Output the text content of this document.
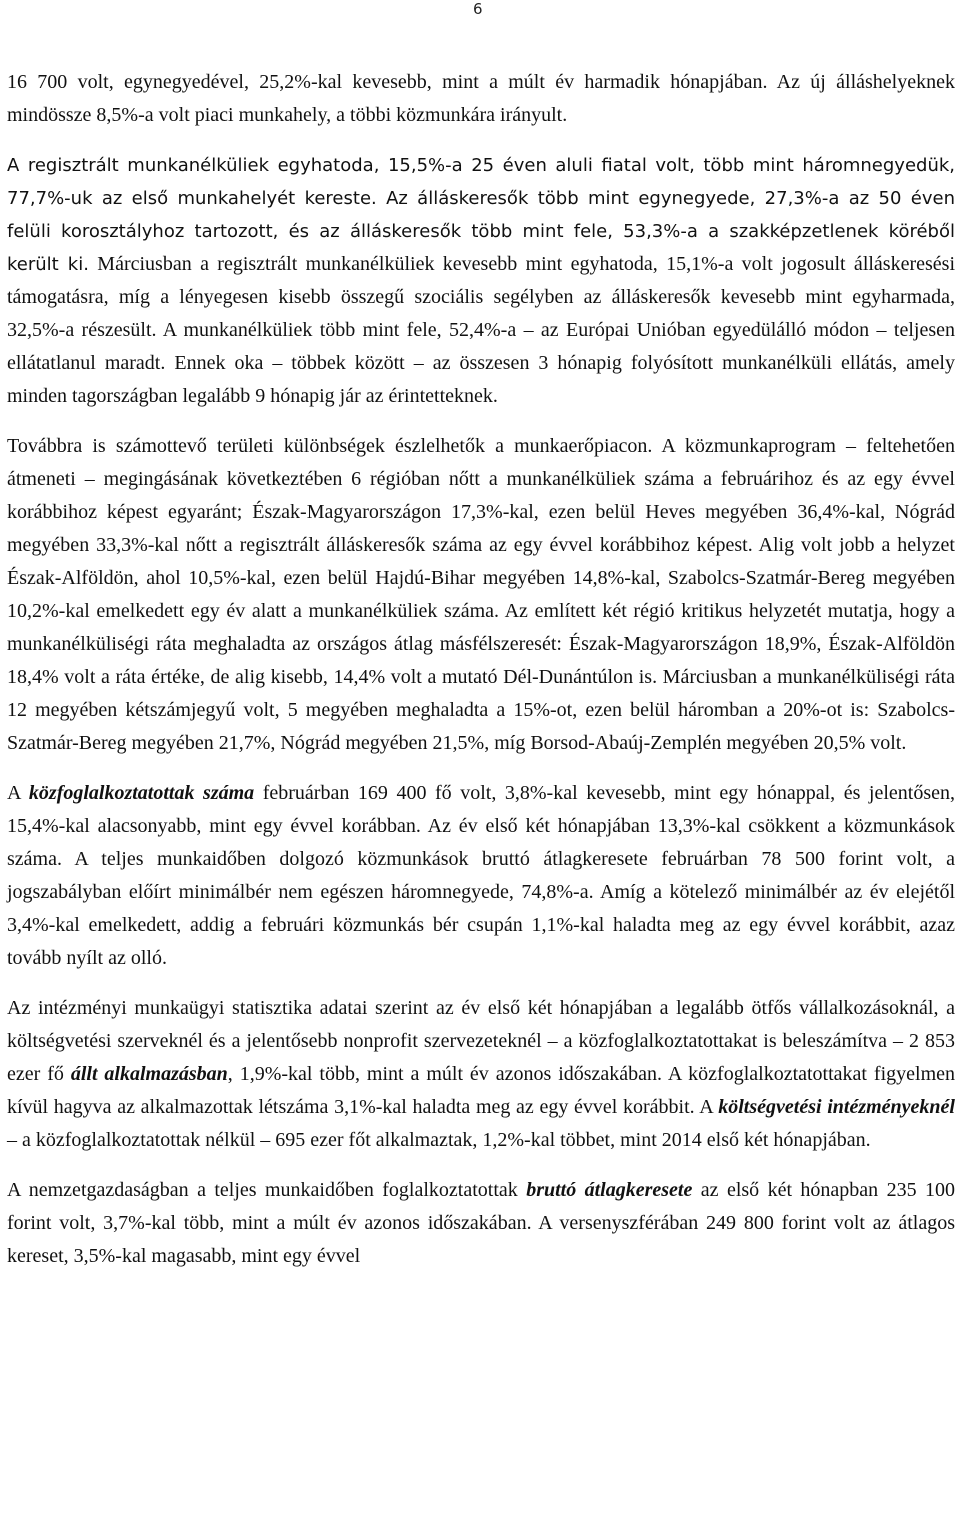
6

16 700 volt, egynegyedével, 25,2%-kal kevesebb, mint a múlt év harmadik hónapjában. Az új álláshelyeknek mindössze 8,5%-a volt piaci munkahely, a többi közmunkára irányult.

A regisztrált munkanélküliek egyhatoda, 15,5%-a 25 éven aluli fiatal volt, több mint háromnegyedük, 77,7%-uk az első munkahelyét kereste. Az álláskeresők több mint egynegyede, 27,3%-a az 50 éven felüli korosztályhoz tartozott, és az álláskeresők több mint fele, 53,3%-a a szakképzetlenek köréből került ki. Márciusban a regisztrált munkanélküliek kevesebb mint egyhatoda, 15,1%-a volt jogosult álláskeresési támogatásra, míg a lényegesen kisebb összegű szociális segélyben az álláskeresők kevesebb mint egyharmada, 32,5%-a részesült. A munkanélküliek több mint fele, 52,4%-a – az Európai Unióban egyedülálló módon – teljesen ellátatlanul maradt. Ennek oka – többek között – az összesen 3 hónapig folyósított munkanélküli ellátás, amely minden tagországban legalább 9 hónapig jár az érintetteknek.

Továbbra is számottevő területi különbségek észlelhetők a munkaerőpiacon. A közmunkaprogram – feltehetően átmeneti – megingásának következtében 6 régióban nőtt a munkanélküliek száma a februárihoz és az egy évvel korábbihoz képest egyaránt; Észak-Magyarországon 17,3%-kal, ezen belül Heves megyében 36,4%-kal, Nógrád megyében 33,3%-kal nőtt a regisztrált álláskeresők száma az egy évvel korábbihoz képest. Alig volt jobb a helyzet Észak-Alföldön, ahol 10,5%-kal, ezen belül Hajdú-Bihar megyében 14,8%-kal, Szabolcs-Szatmár-Bereg megyében 10,2%-kal emelkedett egy év alatt a munkanélküliek száma. Az említett két régió kritikus helyzetét mutatja, hogy a munkanélküliségi ráta meghaladta az országos átlag másfélszeresét: Észak-Magyarországon 18,9%, Észak-Alföldön 18,4% volt a ráta értéke, de alig kisebb, 14,4% volt a mutató Dél-Dunántúlon is. Márciusban a munkanélküliségi ráta 12 megyében kétszámjegyű volt, 5 megyében meghaladta a 15%-ot, ezen belül háromban a 20%-ot is: Szabolcs-Szatmár-Bereg megyében 21,7%, Nógrád megyében 21,5%, míg Borsod-Abaúj-Zemplén megyében 20,5% volt.

A közfoglalkoztatottak száma februárban 169 400 fő volt, 3,8%-kal kevesebb, mint egy hónappal, és jelentősen, 15,4%-kal alacsonyabb, mint egy évvel korábban. Az év első két hónapjában 13,3%-kal csökkent a közmunkások száma. A teljes munkaidőben dolgozó közmunkások bruttó átlagkeresete februárban 78 500 forint volt, a jogszabályban előírt minimálbér nem egészen háromnegyede, 74,8%-a. Amíg a kötelező minimálbér az év elejétől 3,4%-kal emelkedett, addig a februári közmunkás bér csupán 1,1%-kal haladta meg az egy évvel korábbit, azaz tovább nyílt az olló.

Az intézményi munkaügyi statisztika adatai szerint az év első két hónapjában a legalább ötfős vállalkozásoknál, a költségvetési szerveknél és a jelentősebb nonprofit szervezeteknél – a közfoglalkoztatottakat is beleszámítva – 2 853 ezer fő állt alkalmazásban, 1,9%-kal több, mint a múlt év azonos időszakában. A közfoglalkoztatottakat figyelmen kívül hagyva az alkalmazottak létszáma 3,1%-kal haladta meg az egy évvel korábbit. A költségvetési intézményeknél – a közfoglalkoztatottak nélkül – 695 ezer főt alkalmaztak, 1,2%-kal többet, mint 2014 első két hónapjában.

A nemzetgazdaságban a teljes munkaidőben foglalkoztatottak bruttó átlagkeresete az első két hónapban 235 100 forint volt, 3,7%-kal több, mint a múlt év azonos időszakában. A versenyszférában 249 800 forint volt az átlagos kereset, 3,5%-kal magasabb, mint egy évvel
